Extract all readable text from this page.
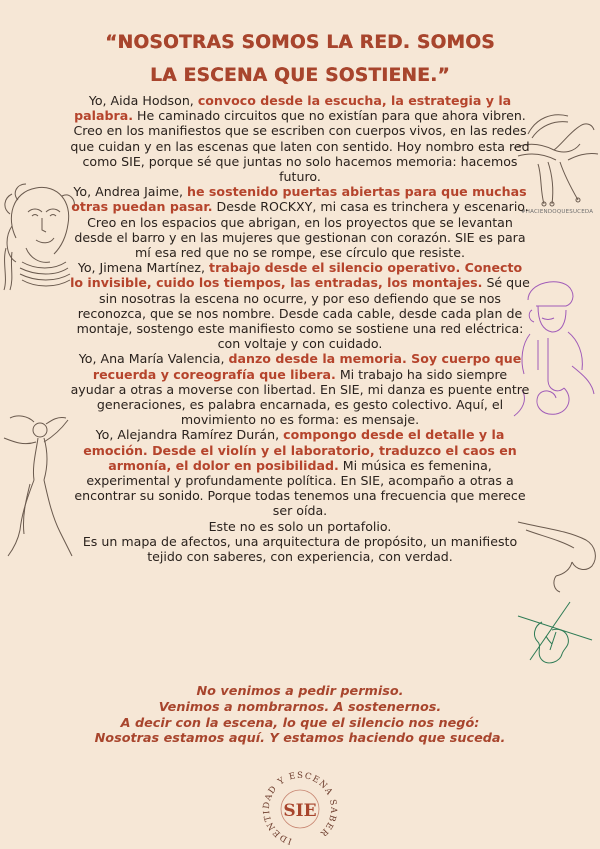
“NOSOTRAS SOMOS LA RED. SOMOS
LA ESCENA QUE SOSTIENE.”
#HACIENDOQUESUCEDA

Yo, Aida Hodson, convoco desde la escucha, la estrategia y la palabra. He caminado circuitos que no existían para que ahora vibren. Creo en los manifiestos que se escriben con cuerpos vivos, en las redes que cuidan y en las escenas que laten con sentido. Hoy nombro esta red como SIE, porque sé que juntas no solo hacemos memoria: hacemos futuro.

Yo, Andrea Jaime, he sostenido puertas abiertas para que muchas otras puedan pasar. Desde ROCKXY, mi casa es trinchera y escenario. Creo en los espacios que abrigan, en los proyectos que se levantan desde el barro y en las mujeres que gestionan con corazón. SIE es para mí esa red que no se rompe, ese círculo que resiste.

Yo, Jimena Martínez, trabajo desde el silencio operativo. Conecto lo invisible, cuido los tiempos, las entradas, los montajes. Sé que sin nosotras la escena no ocurre, y por eso defiendo que se nos reconozca, que se nos nombre. Desde cada cable, desde cada plan de montaje, sostengo este manifiesto como se sostiene una red eléctrica: con voltaje y con cuidado.

Yo, Ana María Valencia, danzo desde la memoria. Soy cuerpo que recuerda y coreografía que libera. Mi trabajo ha sido siempre ayudar a otras a moverse con libertad. En SIE, mi danza es puente entre generaciones, es palabra encarnada, es gesto colectivo. Aquí, el movimiento no es forma: es mensaje.

Yo, Alejandra Ramírez Durán, compongo desde el detalle y la emoción. Desde el violín y el laboratorio, traduzco el caos en armonía, el dolor en posibilidad. Mi música es femenina, experimental y profundamente política. En SIE, acompaño a otras a encontrar su sonido. Porque todas tenemos una frecuencia que merece ser oída.

Este no es solo un portafolio.

Es un mapa de afectos, una arquitectura de propósito, un manifiesto tejido con saberes, con experiencia, con verdad.

No venimos a pedir permiso.

Venimos a nombrarnos. A sostenernos.

A decir con la escena, lo que el silencio nos negó:

Nosotras estamos aquí. Y estamos haciendo que suceda.

IDENTIDAD Y ESCENA SABER
SIE
